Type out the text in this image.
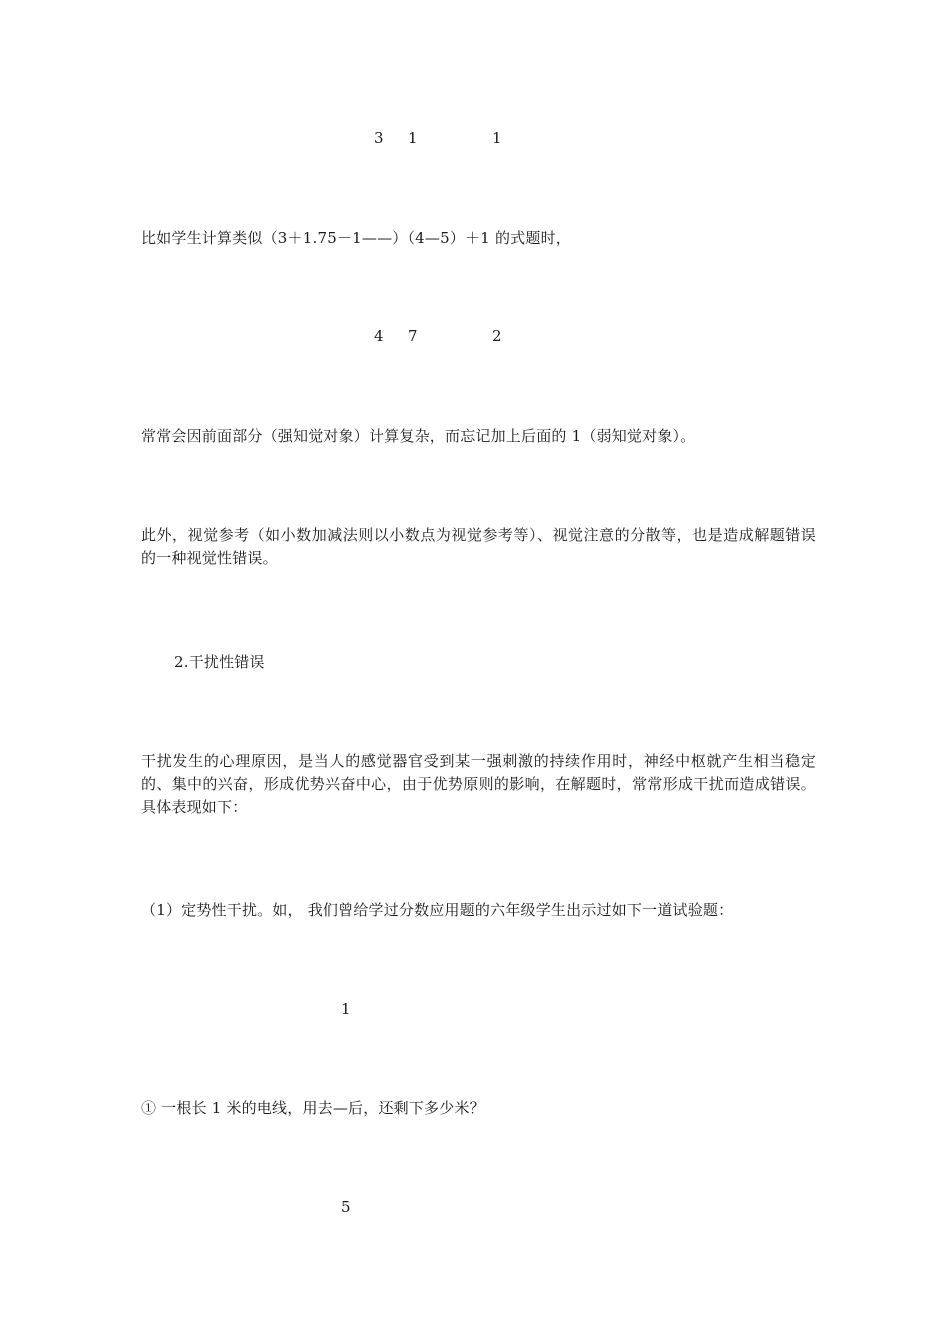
3 1	1
比如学生计算类似（3＋1.75－1——）（4—5）＋1 的式题时，
4 7	2
常常会因前面部分（强知觉对象）计算复杂，而忘记加上后面的 1（弱知觉对象）。
此外，视觉参考（如小数加减法则以小数点为视觉参考等）、视觉注意的分散等，也是造成解题错误的一种视觉性错误。
2.干扰性错误
干扰发生的心理原因，是当人的感觉器官受到某一强刺激的持续作用时，神经中枢就产生相当稳定的、集中的兴奋，形成优势兴奋中心，由于优势原则的影响，在解题时，常常形成干扰而造成错误。具体表现如下：
（1）定势性干扰。如， 我们曾给学过分数应用题的六年级学生出示过如下一道试验题：
1
① 一根长 1 米的电线，用去—后，还剩下多少米？
5
